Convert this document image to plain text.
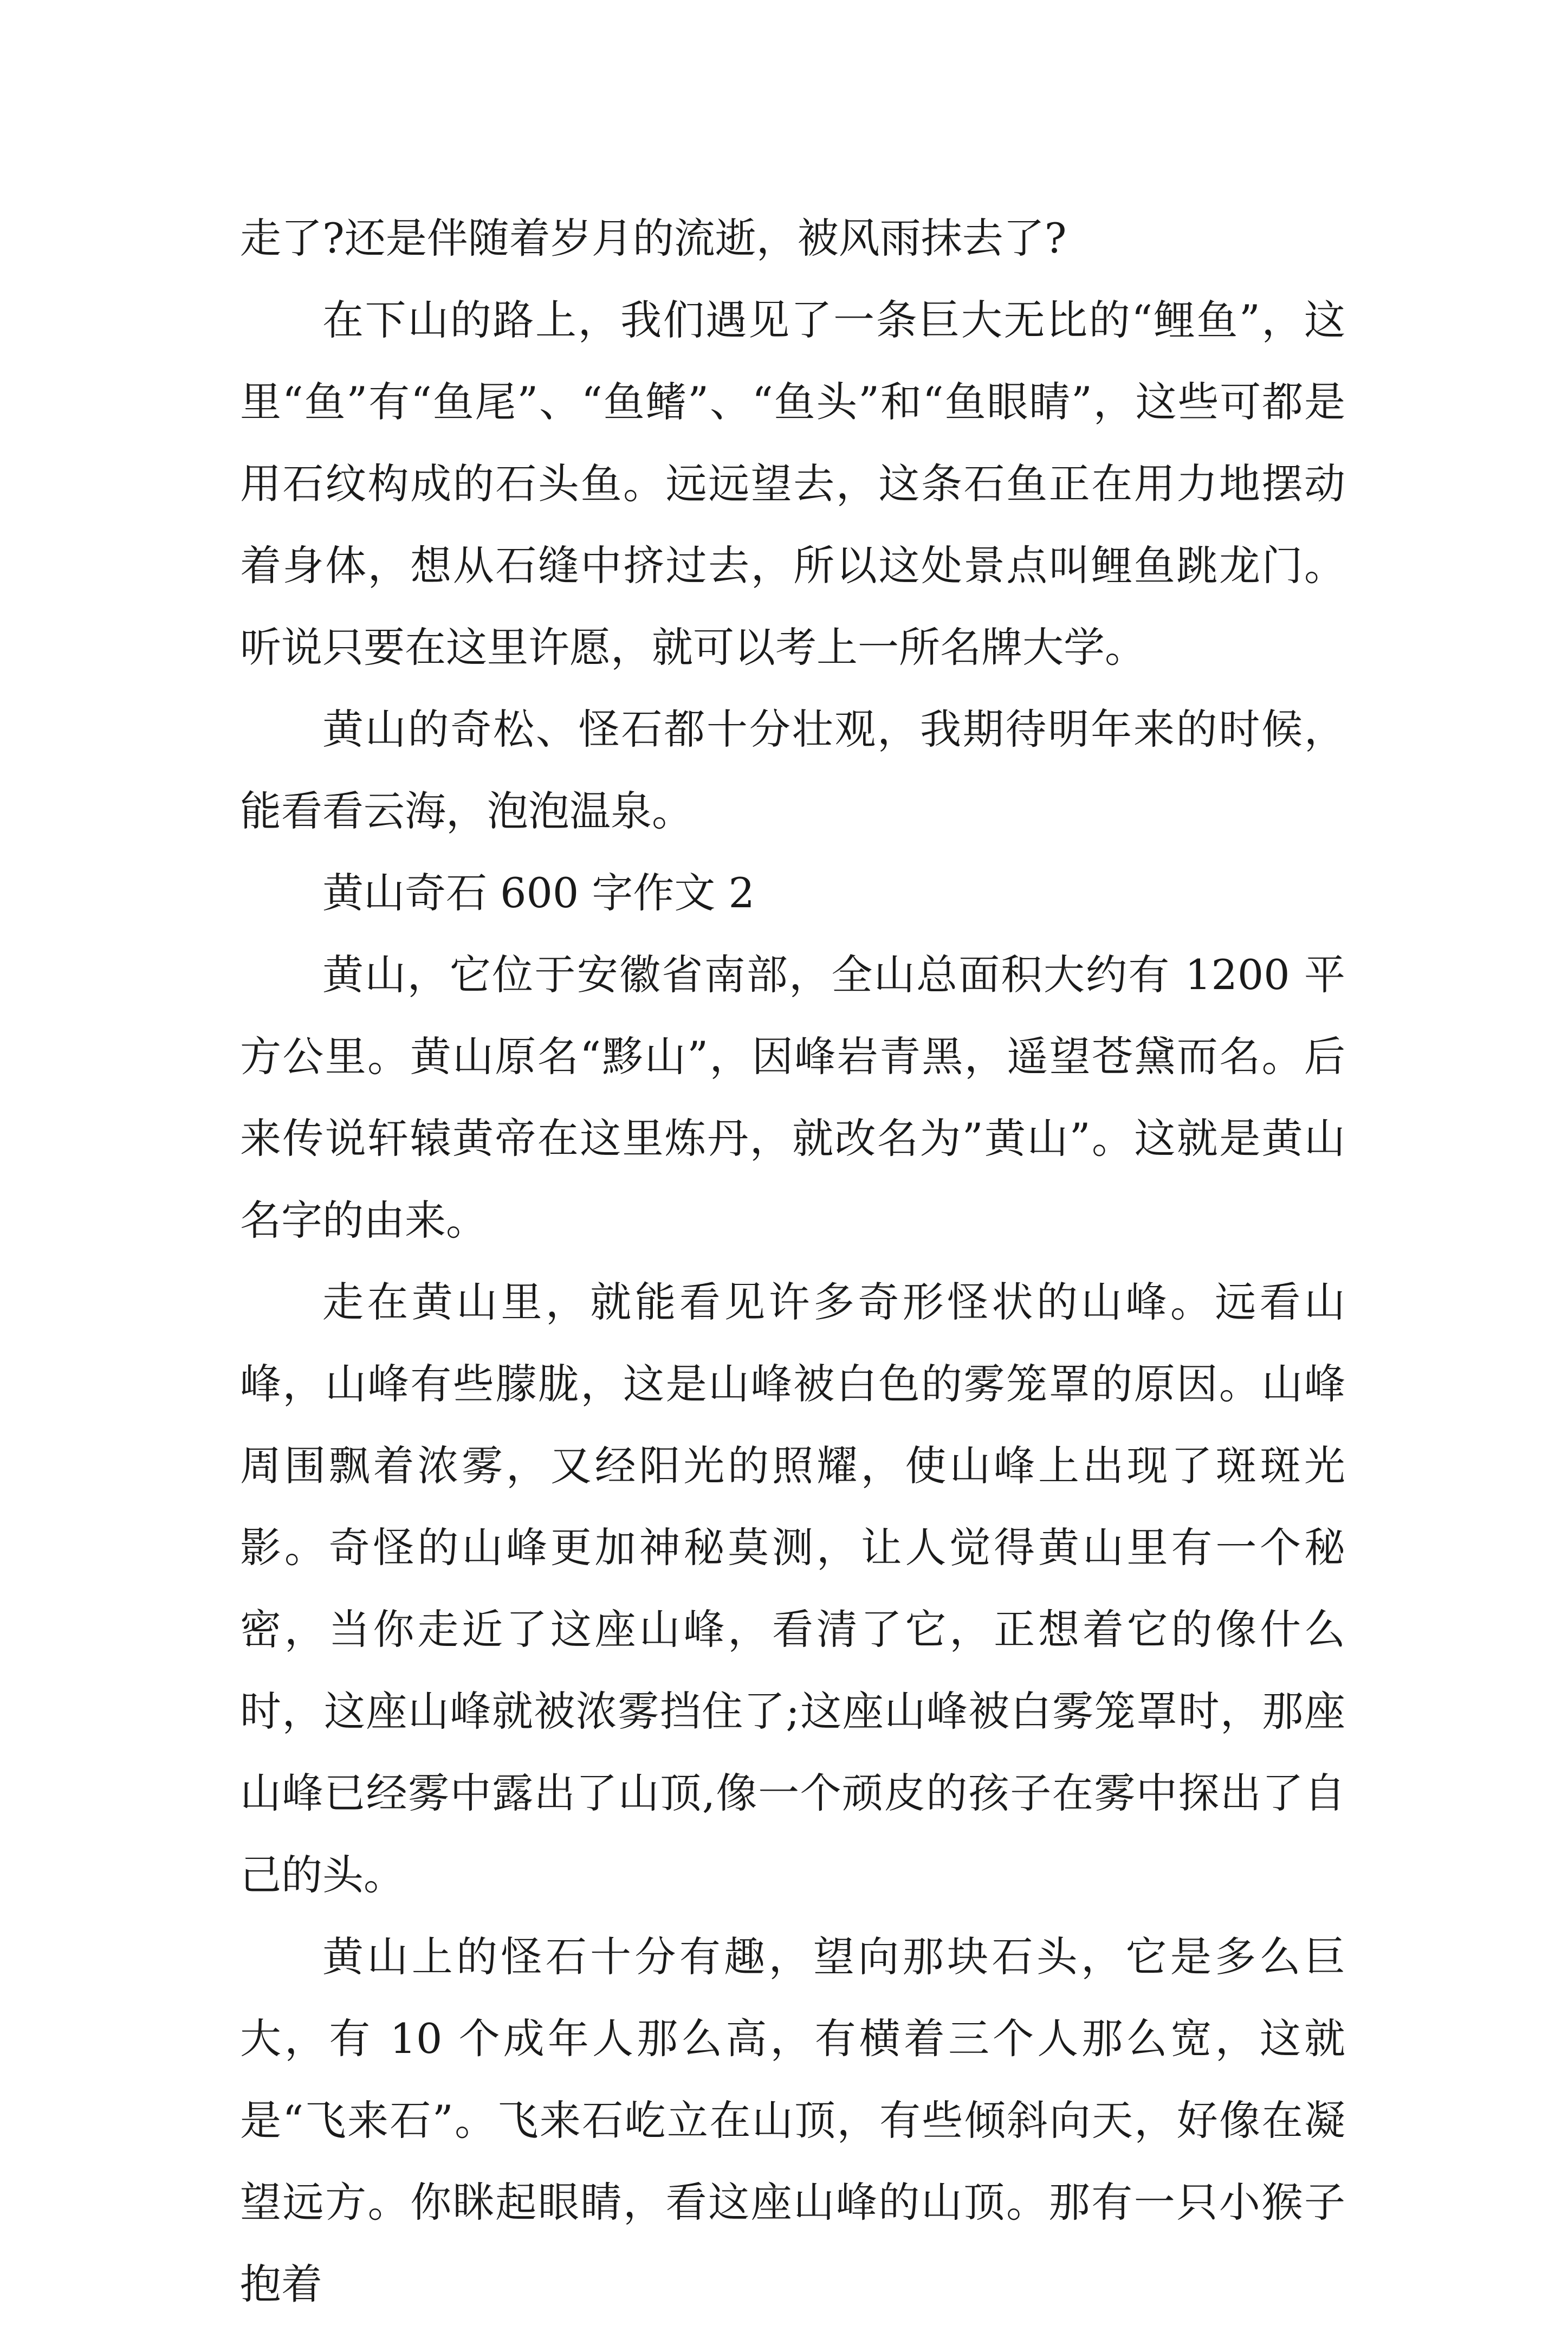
走了?还是伴随着岁月的流逝，被风雨抹去了?

在下山的路上，我们遇见了一条巨大无比的“鲤鱼”，这里“鱼”有“鱼尾”、“鱼鳍”、“鱼头”和“鱼眼睛”，这些可都是用石纹构成的石头鱼。远远望去，这条石鱼正在用力地摆动着身体，想从石缝中挤过去，所以这处景点叫鲤鱼跳龙门。听说只要在这里许愿，就可以考上一所名牌大学。

黄山的奇松、怪石都十分壮观，我期待明年来的时候，能看看云海，泡泡温泉。

黄山奇石 600 字作文 2

黄山，它位于安徽省南部，全山总面积大约有 1200 平方公里。黄山原名“黟山”，因峰岩青黑，遥望苍黛而名。后来传说轩辕黄帝在这里炼丹，就改名为”黄山”。这就是黄山名字的由来。

走在黄山里，就能看见许多奇形怪状的山峰。远看山峰，山峰有些朦胧，这是山峰被白色的雾笼罩的原因。山峰周围飘着浓雾，又经阳光的照耀，使山峰上出现了斑斑光影。奇怪的山峰更加神秘莫测，让人觉得黄山里有一个秘密，当你走近了这座山峰，看清了它，正想着它的像什么时，这座山峰就被浓雾挡住了;这座山峰被白雾笼罩时，那座山峰已经雾中露出了山顶,像一个顽皮的孩子在雾中探出了自己的头。

黄山上的怪石十分有趣，望向那块石头，它是多么巨大，有 10 个成年人那么高，有横着三个人那么宽，这就是“飞来石”。飞来石屹立在山顶，有些倾斜向天，好像在凝望远方。你眯起眼睛，看这座山峰的山顶。那有一只小猴子抱着
